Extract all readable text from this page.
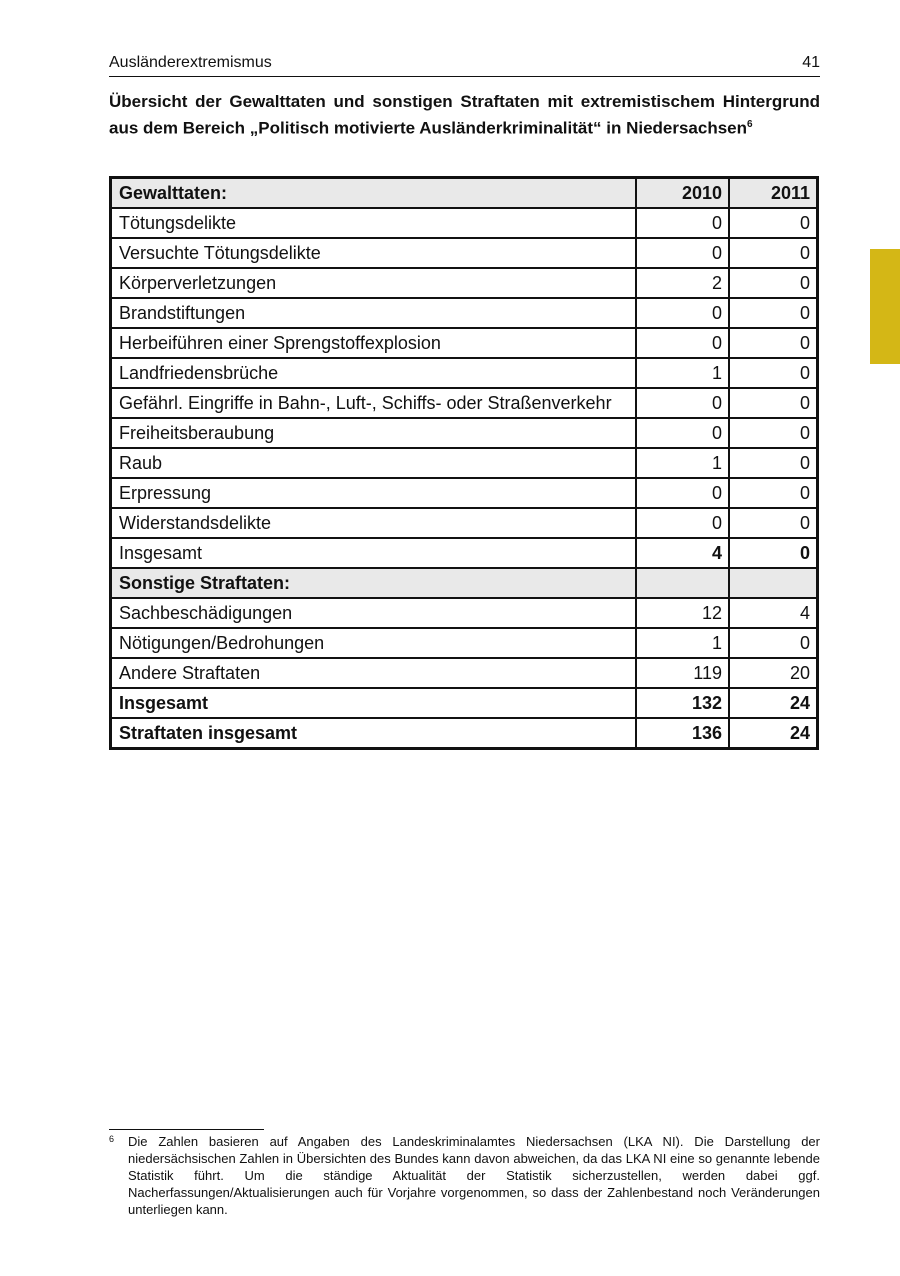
Ausländerextremismus	41
Übersicht der Gewalttaten und sonstigen Straftaten mit extremistischem Hintergrund aus dem Bereich „Politisch motivierte Ausländerkriminalität“ in Niedersachsen$^6$
Gewalttaten:	2010	2011
Tötungsdelikte	0	0
Versuchte Tötungsdelikte	0	0
Körperverletzungen	2	0
Brandstiftungen	0	0
Herbeiführen einer Sprengstoffexplosion	0	0
Landfriedensbrüche	1	0
Gefährl. Eingriffe in Bahn-, Luft-, Schiffs- oder Straßenverkehr	0	0
Freiheitsberaubung	0	0
Raub	1	0
Erpressung	0	0
Widerstandsdelikte	0	0
Insgesamt	4	0
Sonstige Straftaten:		
Sachbeschädigungen	12	4
Nötigungen/Bedrohungen	1	0
Andere Straftaten	119	20
Insgesamt	132	24
Straftaten insgesamt	136	24
6 Die Zahlen basieren auf Angaben des Landeskriminalamtes Niedersachsen (LKA NI). Die Darstellung der niedersächsischen Zahlen in Übersichten des Bundes kann davon abweichen, da das LKA NI eine so genannte lebende Statistik führt. Um die ständige Aktualität der Statistik sicherzustellen, werden dabei ggf. Nacherfassungen/Aktualisierungen auch für Vorjahre vorgenommen, so dass der Zahlenbestand noch Veränderungen unterliegen kann.
